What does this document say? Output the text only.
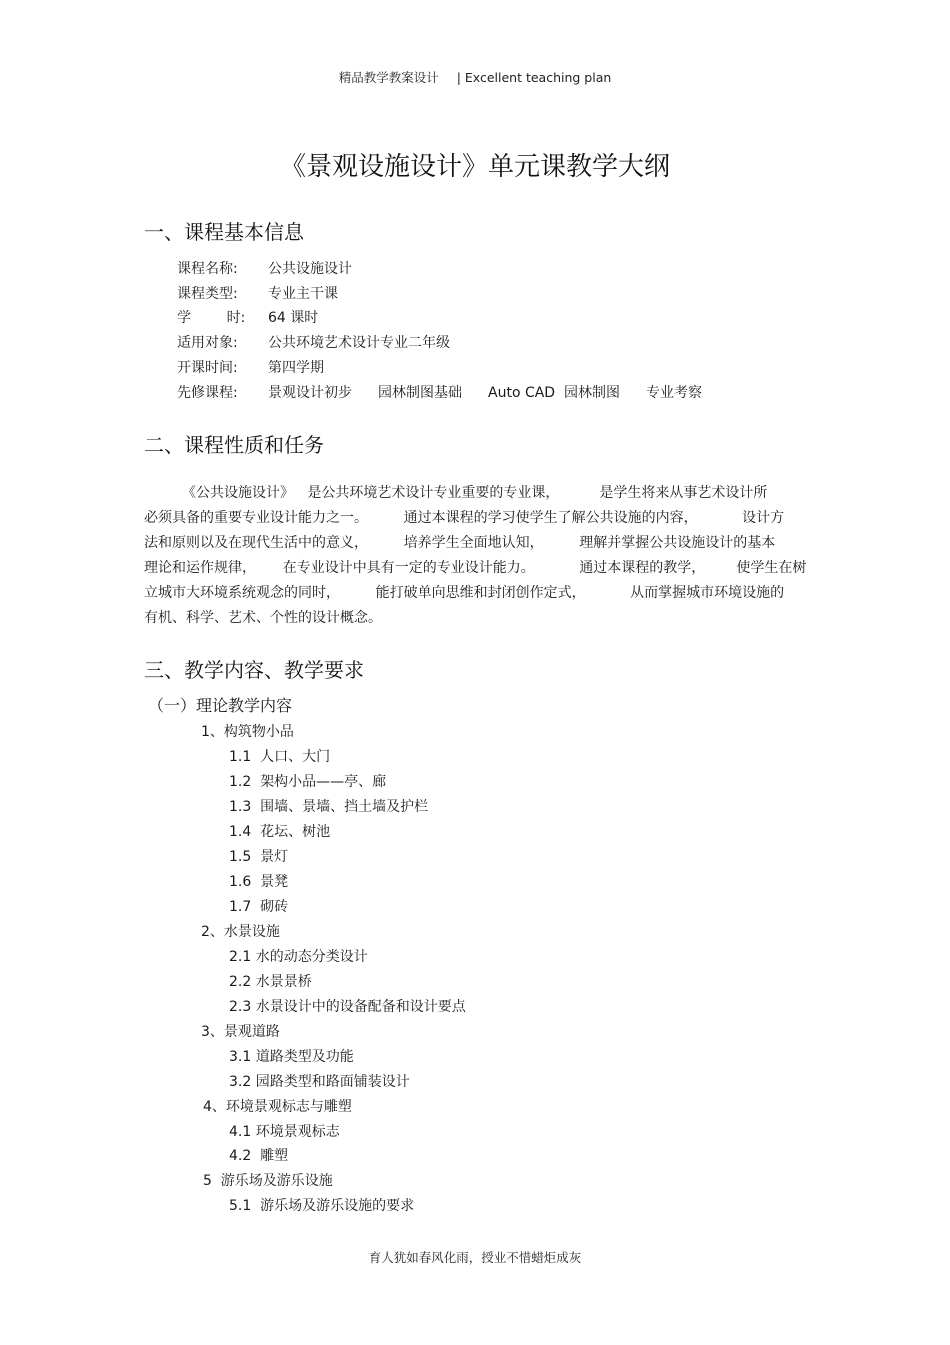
精品教学教案设计 | Excellent teaching plan
《景观设施设计》单元课教学大纲
一、课程基本信息
课程名称: 公共设施设计
课程类型: 专业主干课
学        时: 64 课时
适用对象: 公共环境艺术设计专业二年级
开课时间: 第四学期
先修课程: 景观设计初步 园林制图基础 Auto CAD  园林制图 专业考察
二、课程性质和任务
《公共设施设计》   是公共环境艺术设计专业重要的专业课，         是学生将来从事艺术设计所
必须具备的重要专业设计能力之一。        通过本课程的学习使学生了解公共设施的内容，          设计方
法和原则以及在现代生活中的意义，        培养学生全面地认知，        理解并掌握公共设施设计的基本
理论和运作规律，      在专业设计中具有一定的专业设计能力。          通过本课程的教学，       使学生在树
立城市大环境系统观念的同时，        能打破单向思维和封闭创作定式，          从而掌握城市环境设施的
有机、科学、艺术、个性的设计概念。
三、教学内容、教学要求
（一）理论教学内容
1、构筑物小品
1.1  人口、大门
1.2  架构小品——亭、廊
1.3  围墙、景墙、挡土墙及护栏
1.4  花坛、树池
1.5  景灯
1.6  景凳
1.7  砌砖
2、水景设施
2.1 水的动态分类设计
2.2 水景景桥
2.3 水景设计中的设备配备和设计要点
3、景观道路
3.1 道路类型及功能
3.2 园路类型和路面铺装设计
4、环境景观标志与雕塑
4.1 环境景观标志
4.2  雕塑
5  游乐场及游乐设施
5.1  游乐场及游乐设施的要求
育人犹如春风化雨，授业不惜蜡炬成灰
